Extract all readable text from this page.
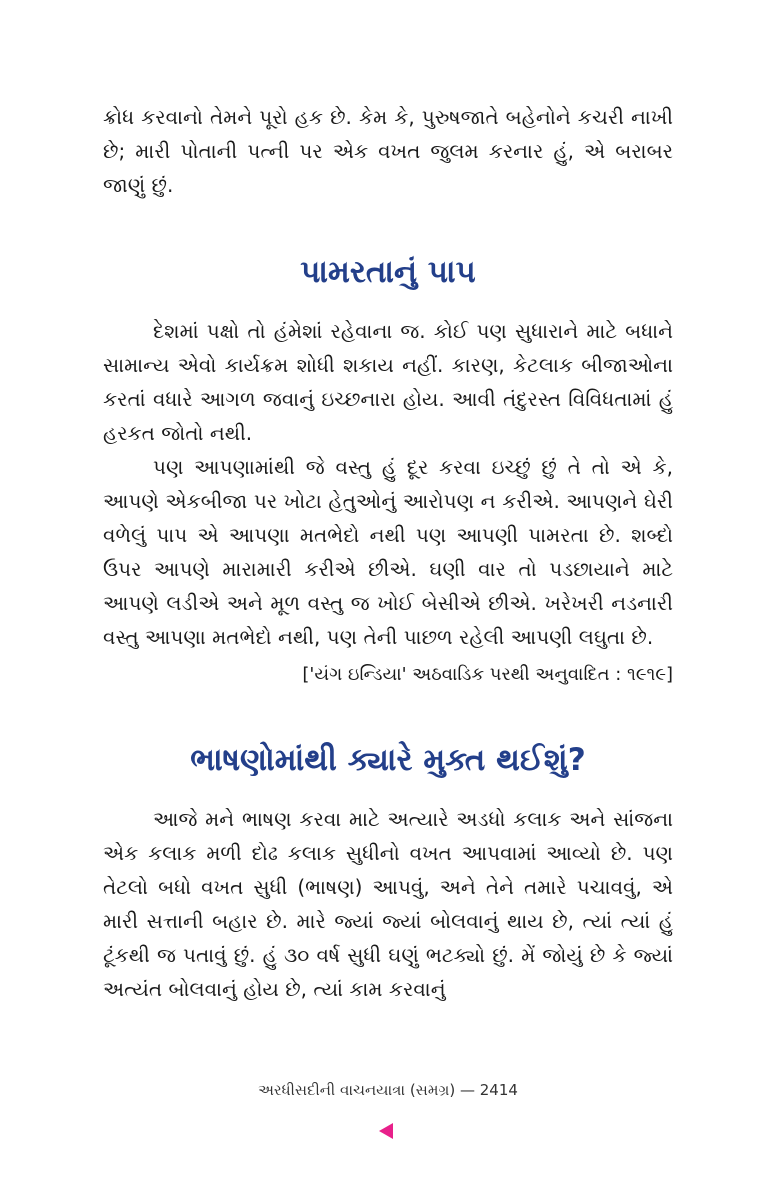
ક્રોધ કરવાનો તેમને પૂરો હક છે. કેમ કે, પુરુષજાતે બહેનોને કચરી નાખી છે; મારી પોતાની પત્ની પર એક વખત જુલમ કરનાર હું, એ બરાબર જાણું છું.

પામરતાનું પાપ

દેશમાં પક્ષો તો હંમેશાં રહેવાના જ. કોઈ પણ સુધારાને માટે બધાને સામાન્ય એવો કાર્યક્રમ શોધી શકાય નહીં. કારણ, કેટલાક બીજાઓના કરતાં વધારે આગળ જવાનું ઇચ્છનારા હોય. આવી તંદુરસ્ત વિવિધતામાં હું હરકત જોતો નથી.

પણ આપણામાંથી જે વસ્તુ હું દૂર કરવા ઇચ્છું છું તે તો એ કે, આપણે એકબીજા પર ખોટા હેતુઓનું આરોપણ ન કરીએ. આપણને ઘેરી વળેલું પાપ એ આપણા મતભેદો નથી પણ આપણી પામરતા છે. શબ્દો ઉપર આપણે મારામારી કરીએ છીએ. ઘણી વાર તો પડછાયાને માટે આપણે લડીએ અને મૂળ વસ્તુ જ ખોઈ બેસીએ છીએ. ખરેખરી નડનારી વસ્તુ આપણા મતભેદો નથી, પણ તેની પાછળ રહેલી આપણી લઘુતા છે.

['યંગ ઇન્ડિયા' અઠવાડિક પરથી અનુવાદિત : ૧૯૧૯]

ભાષણોમાંથી ક્યારે મુક્ત થઈશું?

આજે મને ભાષણ કરવા માટે અત્યારે અડધો કલાક અને સાંજના એક કલાક મળી દોઢ કલાક સુધીનો વખત આપવામાં આવ્યો છે. પણ તેટલો બધો વખત સુધી (ભાષણ) આપવું, અને તેને તમારે પચાવવું, એ મારી સત્તાની બહાર છે. મારે જ્યાં જ્યાં બોલવાનું થાય છે, ત્યાં ત્યાં હું ટૂંકથી જ પતાવું છું. હું ૩૦ વર્ષ સુધી ઘણું ભટક્યો છું. મેં જોયું છે કે જ્યાં અત્યંત બોલવાનું હોય છે, ત્યાં કામ કરવાનું

અરધીસદીની વાચનયાત્રા (સમગ્ર) — 2414
